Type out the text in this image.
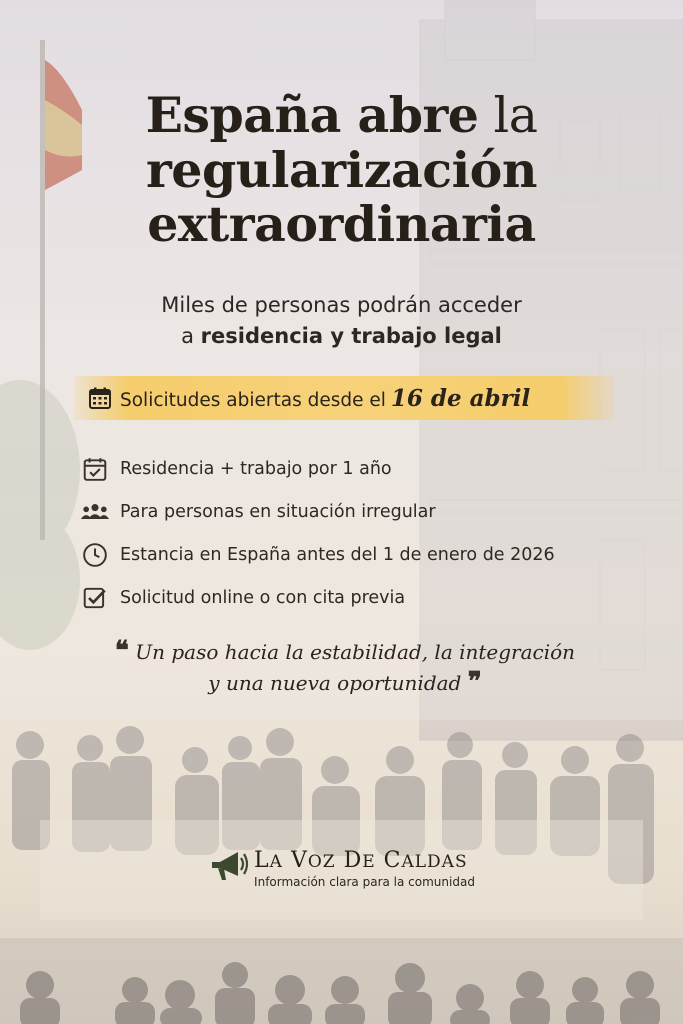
España abre la
regularización
extraordinaria
Miles de personas podrán acceder
a residencia y trabajo legal
Solicitudes abiertas desde el 16 de abril
Residencia + trabajo por 1 año
Para personas en situación irregular
Estancia en España antes del 1 de enero de 2026
Solicitud online o con cita previa
❝ Un paso hacia la estabilidad, la integración
y una nueva oportunidad ❞
LA VOZ DE CALDAS
Información clara para la comunidad
